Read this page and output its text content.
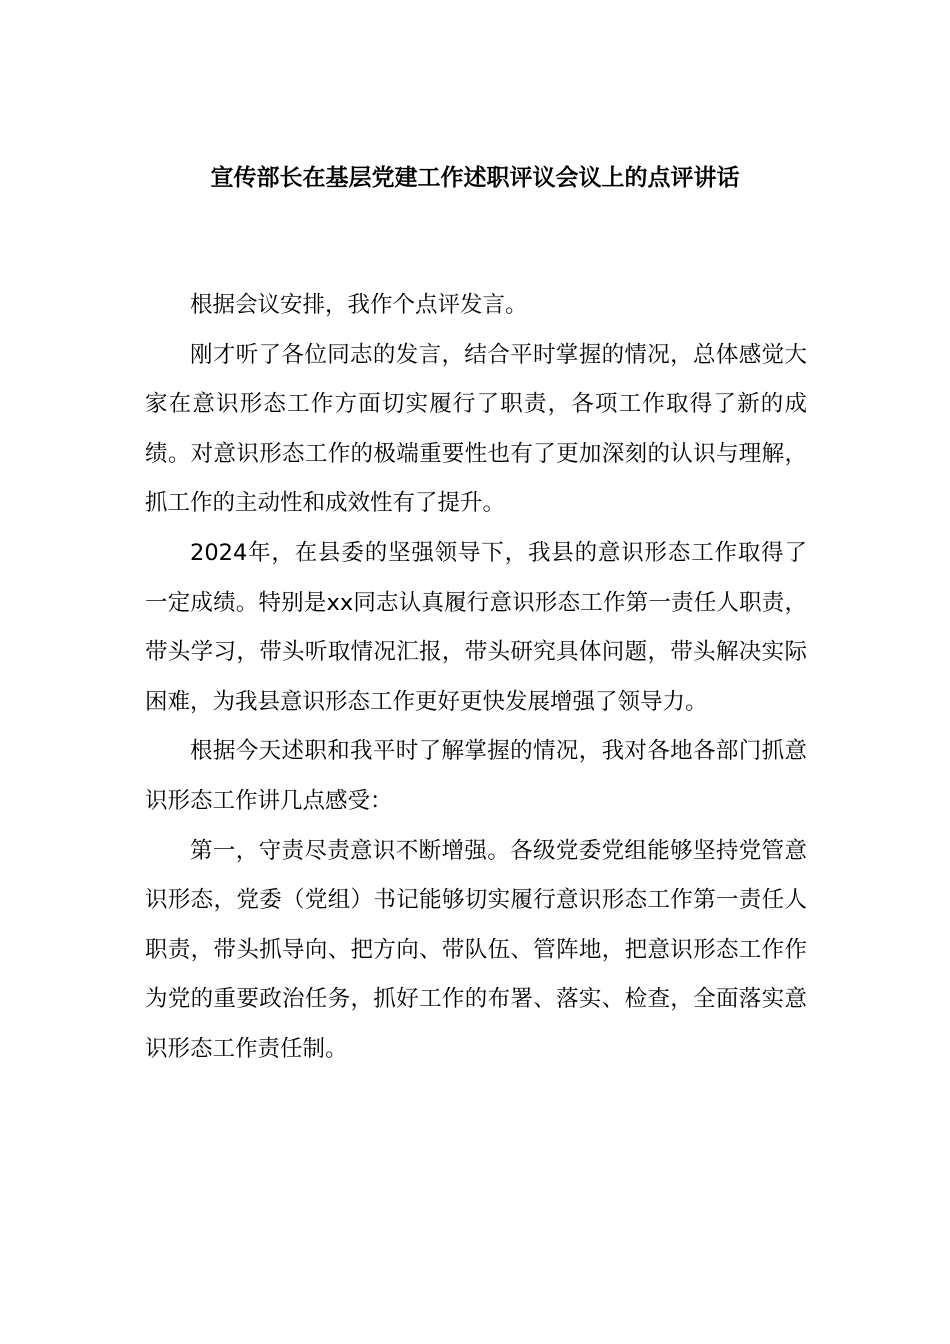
宣传部长在基层党建工作述职评议会议上的点评讲话

根据会议安排，我作个点评发言。

刚才听了各位同志的发言，结合平时掌握的情况，总体感觉大家在意识形态工作方面切实履行了职责，各项工作取得了新的成绩。对意识形态工作的极端重要性也有了更加深刻的认识与理解，抓工作的主动性和成效性有了提升。

2024年，在县委的坚强领导下，我县的意识形态工作取得了一定成绩。特别是xx同志认真履行意识形态工作第一责任人职责，带头学习，带头听取情况汇报，带头研究具体问题，带头解决实际困难，为我县意识形态工作更好更快发展增强了领导力。

根据今天述职和我平时了解掌握的情况，我对各地各部门抓意识形态工作讲几点感受：

第一，守责尽责意识不断增强。各级党委党组能够坚持党管意识形态，党委（党组）书记能够切实履行意识形态工作第一责任人职责，带头抓导向、把方向、带队伍、管阵地，把意识形态工作作为党的重要政治任务，抓好工作的布署、落实、检查，全面落实意识形态工作责任制。
